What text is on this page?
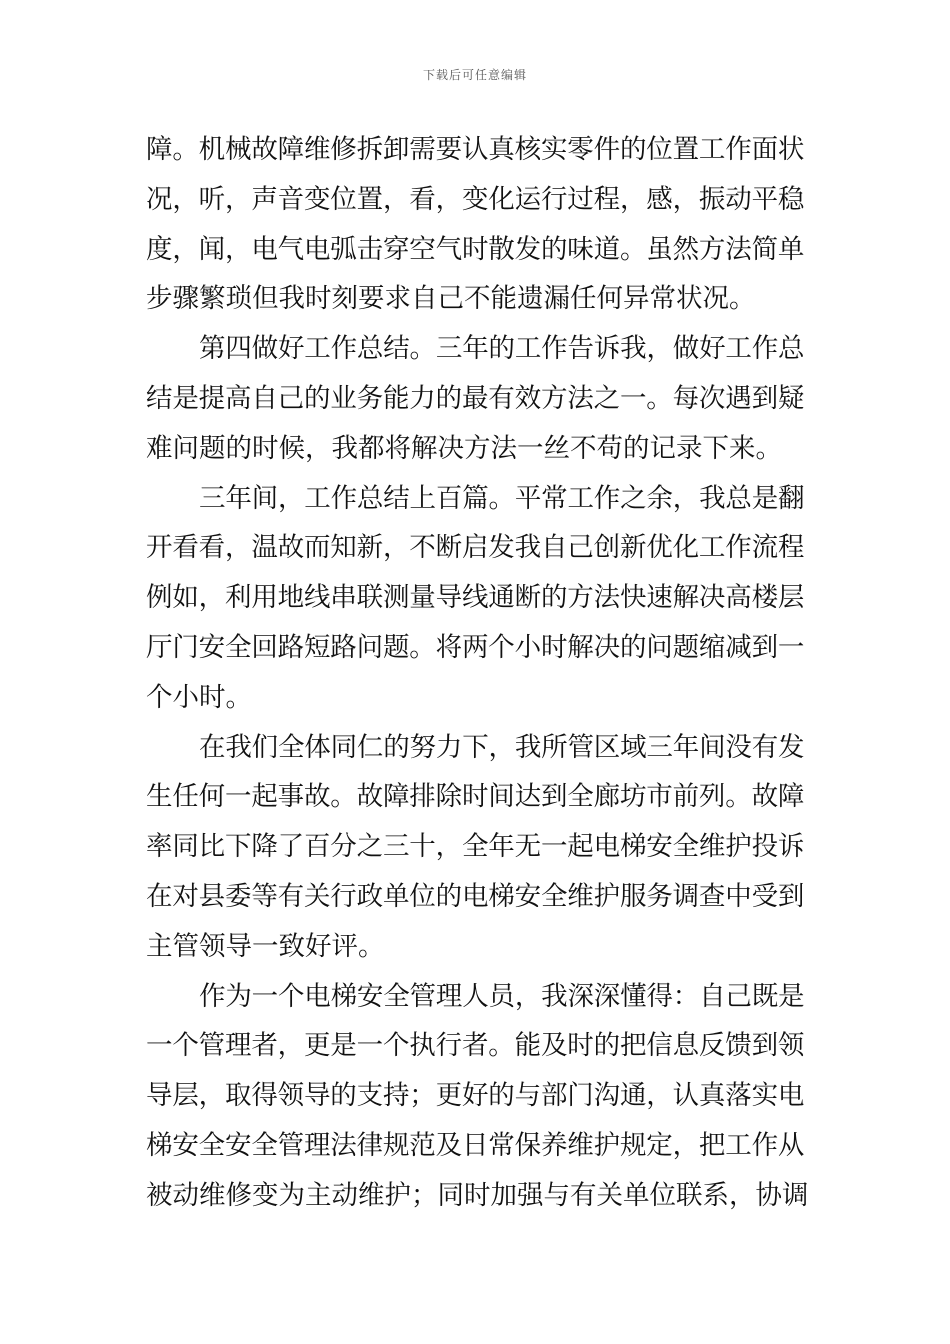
下载后可任意编辑
障。机械故障维修拆卸需要认真核实零件的位置工作面状
况，听，声音变位置，看，变化运行过程，感，振动平稳
度，闻，电气电弧击穿空气时散发的味道。虽然方法简单
步骤繁琐但我时刻要求自己不能遗漏任何异常状况。
第四做好工作总结。三年的工作告诉我，做好工作总
结是提高自己的业务能力的最有效方法之一。每次遇到疑
难问题的时候，我都将解决方法一丝不苟的记录下来。
三年间，工作总结上百篇。平常工作之余，我总是翻
开看看，温故而知新，不断启发我自己创新优化工作流程
例如，利用地线串联测量导线通断的方法快速解决高楼层
厅门安全回路短路问题。将两个小时解决的问题缩减到一
个小时。
在我们全体同仁的努力下，我所管区域三年间没有发
生任何一起事故。故障排除时间达到全廊坊市前列。故障
率同比下降了百分之三十，全年无一起电梯安全维护投诉
在对县委等有关行政单位的电梯安全维护服务调查中受到
主管领导一致好评。
作为一个电梯安全管理人员，我深深懂得：自己既是
一个管理者，更是一个执行者。能及时的把信息反馈到领
导层，取得领导的支持；更好的与部门沟通，认真落实电
梯安全安全管理法律规范及日常保养维护规定，把工作从
被动维修变为主动维护；同时加强与有关单位联系，协调
